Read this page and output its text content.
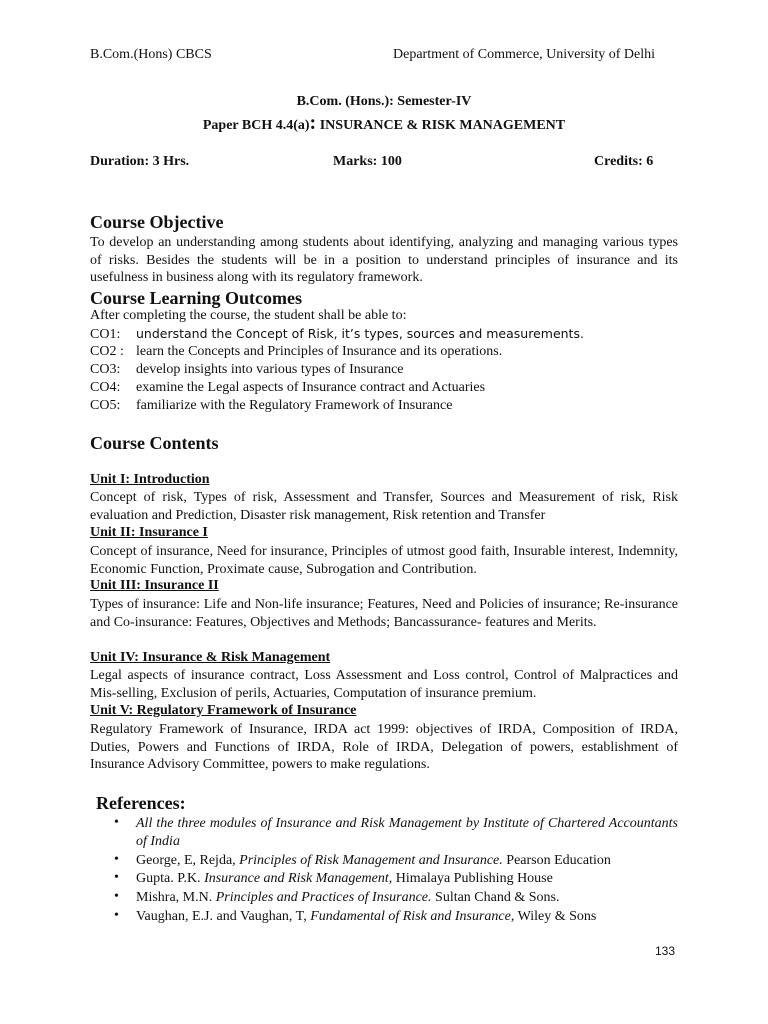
B.Com.(Hons) CBCS	Department of Commerce, University of Delhi
B.Com. (Hons.): Semester-IV
Paper BCH 4.4(a): INSURANCE & RISK MANAGEMENT
Duration: 3 Hrs.	Marks: 100	Credits: 6
Course Objective
To develop an understanding among students about identifying, analyzing and managing various types of risks. Besides the students will be in a position to understand principles of insurance and its usefulness in business along with its regulatory framework.
Course Learning Outcomes
After completing the course, the student shall be able to:
CO1: understand the Concept of Risk, it’s types, sources and measurements.
CO2 : learn the Concepts and Principles of Insurance and its operations.
CO3: develop insights into various types of Insurance
CO4: examine the Legal aspects of Insurance contract and Actuaries
CO5: familiarize with the Regulatory Framework of Insurance
Course Contents
Unit I: Introduction
Concept of risk, Types of risk, Assessment and Transfer, Sources and Measurement of risk, Risk evaluation and Prediction, Disaster risk management, Risk retention and Transfer
Unit II: Insurance I
Concept of insurance, Need for insurance, Principles of utmost good faith, Insurable interest, Indemnity, Economic Function, Proximate cause, Subrogation and Contribution.
Unit III: Insurance II
Types of insurance: Life and Non-life insurance; Features, Need and Policies of insurance; Re-insurance and Co-insurance: Features, Objectives and Methods; Bancassurance- features and Merits.
Unit IV: Insurance & Risk Management
Legal aspects of insurance contract, Loss Assessment and Loss control, Control of Malpractices and Mis-selling, Exclusion of perils, Actuaries, Computation of insurance premium.
Unit V: Regulatory Framework of Insurance
Regulatory Framework of Insurance, IRDA act 1999: objectives of IRDA, Composition of IRDA, Duties, Powers and Functions of IRDA, Role of IRDA, Delegation of powers, establishment of Insurance Advisory Committee, powers to make regulations.
References:
• All the three modules of Insurance and Risk Management by Institute of Chartered Accountants of India
• George, E, Rejda, Principles of Risk Management and Insurance. Pearson Education
• Gupta. P.K. Insurance and Risk Management, Himalaya Publishing House
• Mishra, M.N. Principles and Practices of Insurance. Sultan Chand & Sons.
• Vaughan, E.J. and Vaughan, T, Fundamental of Risk and Insurance, Wiley & Sons
133
